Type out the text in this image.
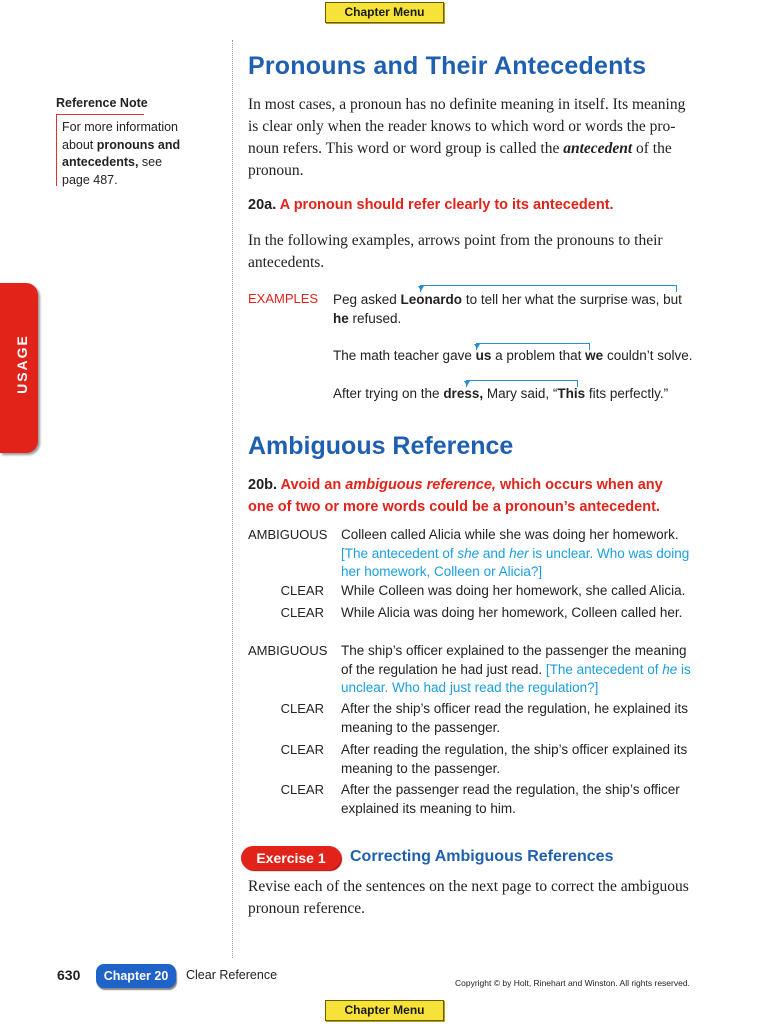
Chapter Menu
USAGE
Reference Note
For more information
about pronouns and
antecedents, see
page 487.
Pronouns and Their Antecedents
In most cases, a pronoun has no definite meaning in itself. Its meaning is clear only when the reader knows to which word or words the pro-noun refers. This word or word group is called the antecedent of the pronoun.
20a. A pronoun should refer clearly to its antecedent.
In the following examples, arrows point from the pronouns to their antecedents.
EXAMPLES Peg asked Leonardo to tell her what the surprise was, but he refused.
The math teacher gave us a problem that we couldn’t solve.
After trying on the dress, Mary said, “This fits perfectly.”
Ambiguous Reference
20b. Avoid an ambiguous reference, which occurs when any one of two or more words could be a pronoun’s antecedent.
AMBIGUOUS	Colleen called Alicia while she was doing her homework.
[The antecedent of she and her is unclear. Who was doing her homework, Colleen or Alicia?]
CLEAR While Colleen was doing her homework, she called Alicia.
CLEAR While Alicia was doing her homework, Colleen called her.
AMBIGUOUS	The ship’s officer explained to the passenger the meaning of the regulation he had just read. [The antecedent of he is unclear. Who had just read the regulation?]
CLEAR After the ship’s officer read the regulation, he explained its meaning to the passenger.
CLEAR After reading the regulation, the ship’s officer explained its meaning to the passenger.
CLEAR After the passenger read the regulation, the ship’s officer explained its meaning to him.
Exercise 1	Correcting Ambiguous References
Revise each of the sentences on the next page to correct the ambiguous pronoun reference.
630	Chapter 20	Clear Reference
Copyright © by Holt, Rinehart and Winston. All rights reserved.
Chapter Menu
